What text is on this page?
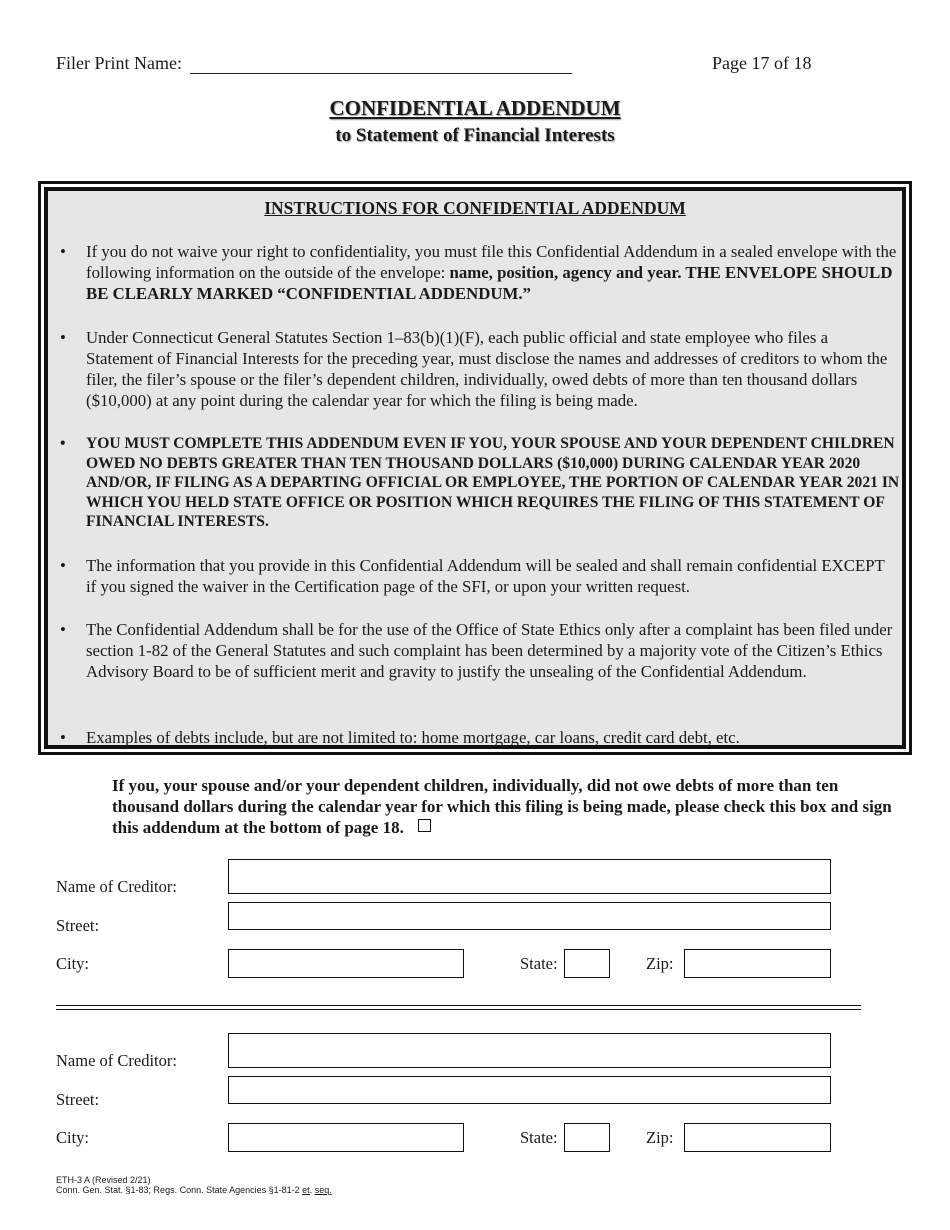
Filer Print Name:	Page 17 of 18
CONFIDENTIAL ADDENDUM
to Statement of Financial Interests
INSTRUCTIONS FOR CONFIDENTIAL ADDENDUM
• If you do not waive your right to confidentiality, you must file this Confidential Addendum in a sealed envelope with the following information on the outside of the envelope: name, position, agency and year. THE ENVELOPE SHOULD BE CLEARLY MARKED “CONFIDENTIAL ADDENDUM.”
• Under Connecticut General Statutes Section 1–83(b)(1)(F), each public official and state employee who files a Statement of Financial Interests for the preceding year, must disclose the names and addresses of creditors to whom the filer, the filer’s spouse or the filer’s dependent children, individually, owed debts of more than ten thousand dollars ($10,000) at any point during the calendar year for which the filing is being made.
• YOU MUST COMPLETE THIS ADDENDUM EVEN IF YOU, YOUR SPOUSE AND YOUR DEPENDENT CHILDREN OWED NO DEBTS GREATER THAN TEN THOUSAND DOLLARS ($10,000) DURING CALENDAR YEAR 2020 AND/OR, IF FILING AS A DEPARTING OFFICIAL OR EMPLOYEE, THE PORTION OF CALENDAR YEAR 2021 IN WHICH YOU HELD STATE OFFICE OR POSITION WHICH REQUIRES THE FILING OF THIS STATEMENT OF FINANCIAL INTERESTS.
• The information that you provide in this Confidential Addendum will be sealed and shall remain confidential EXCEPT if you signed the waiver in the Certification page of the SFI, or upon your written request.
• The Confidential Addendum shall be for the use of the Office of State Ethics only after a complaint has been filed under section 1-82 of the General Statutes and such complaint has been determined by a majority vote of the Citizen’s Ethics Advisory Board to be of sufficient merit and gravity to justify the unsealing of the Confidential Addendum.
• Examples of debts include, but are not limited to: home mortgage, car loans, credit card debt, etc.
If you, your spouse and/or your dependent children, individually, did not owe debts of more than ten thousand dollars during the calendar year for which this filing is being made, please check this box and sign this addendum at the bottom of page 18.
Name of Creditor:
Street:
City:	State:	Zip:
Name of Creditor:
Street:
City:	State:	Zip:
ETH-3 A (Revised 2/21)
Conn. Gen. Stat. §1-83; Regs. Conn. State Agencies §1-81-2 et. seq.
